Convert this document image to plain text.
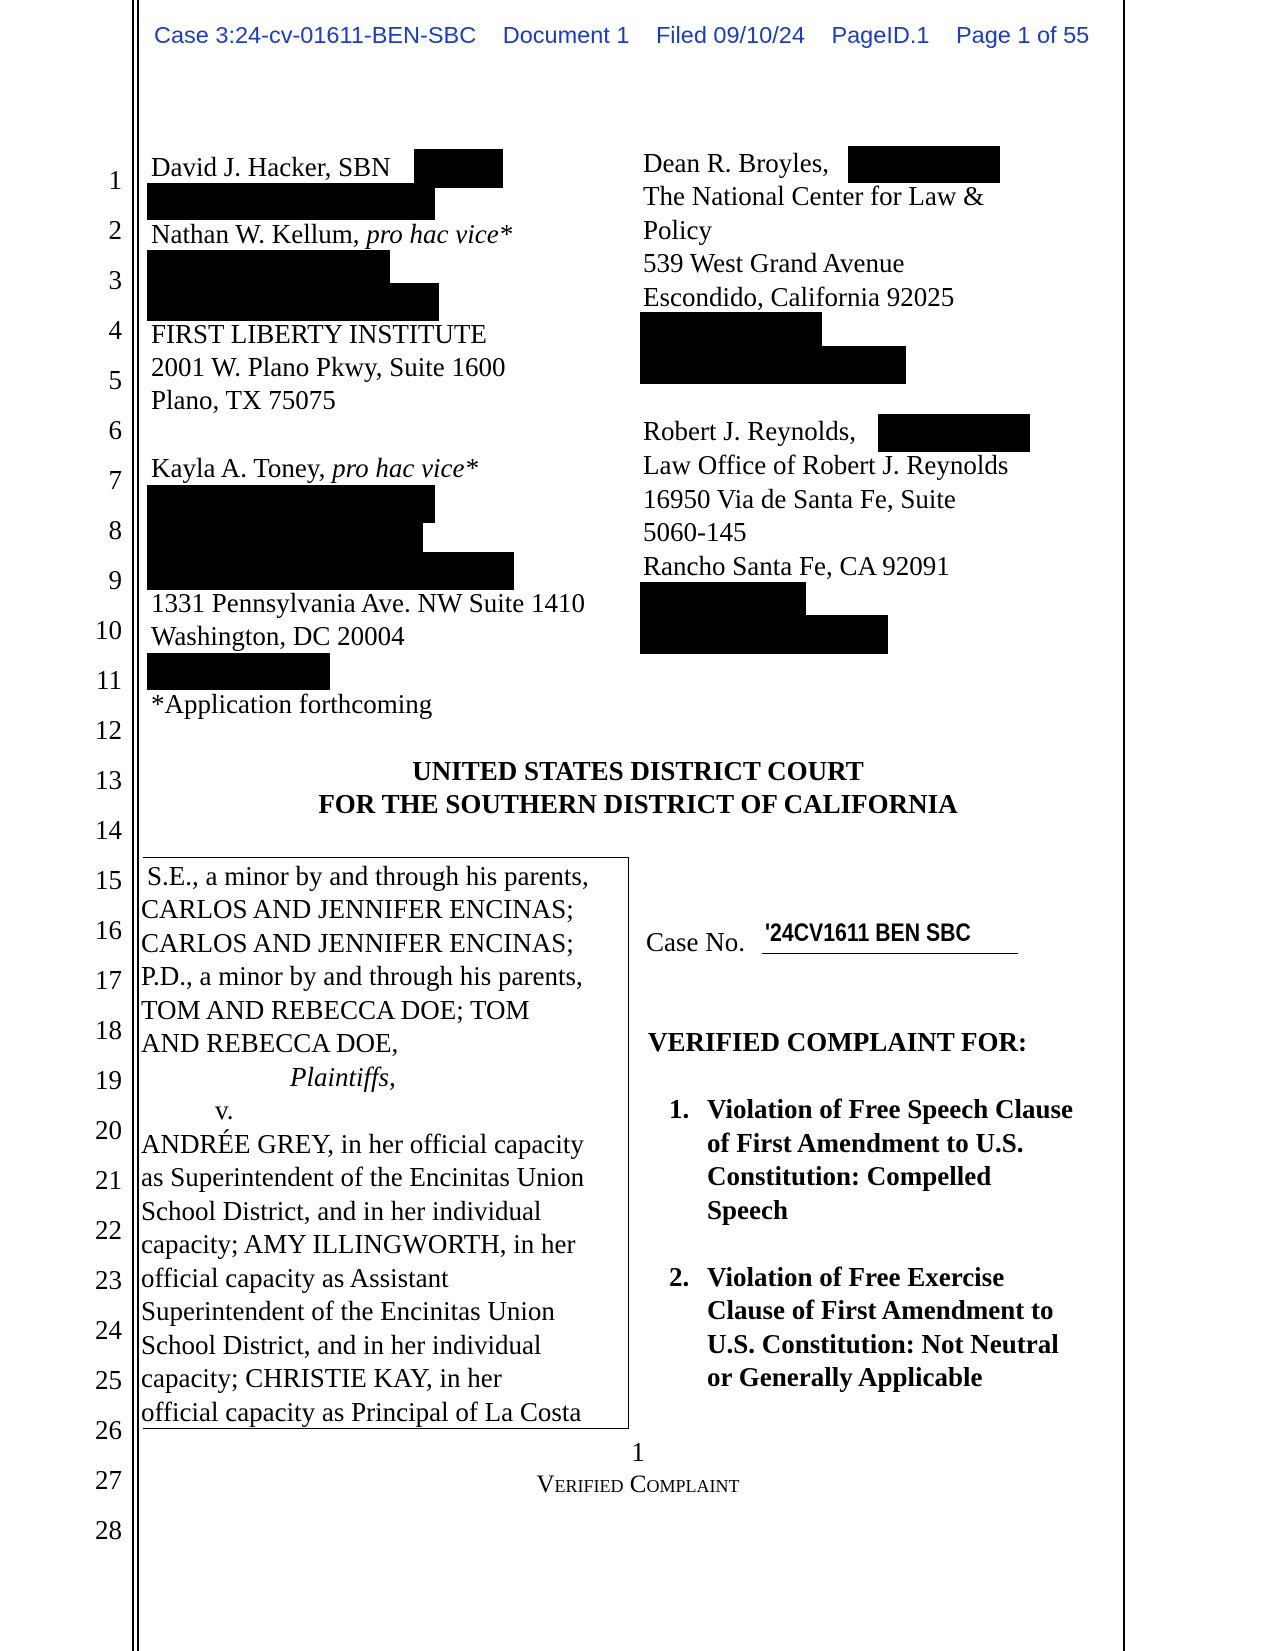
Case 3:24-cv-01611-BEN-SBC Document 1 Filed 09/10/24 PageID.1 Page 1 of 55
1
2
3
4
5
6
7
8
9
10
11
12
13
14
15
16
17
18
19
20
21
22
23
24
25
26
27
28
David J. Hacker, SBN
Nathan W. Kellum, pro hac vice*
FIRST LIBERTY INSTITUTE
2001 W. Plano Pkwy, Suite 1600
Plano, TX 75075
Kayla A. Toney, pro hac vice*
1331 Pennsylvania Ave. NW Suite 1410
Washington, DC 20004
*Application forthcoming
Dean R. Broyles,
The National Center for Law &
Policy
539 West Grand Avenue
Escondido, California 92025
Robert J. Reynolds,
Law Office of Robert J. Reynolds
16950 Via de Santa Fe, Suite
5060-145
Rancho Santa Fe, CA 92091
UNITED STATES DISTRICT COURT
FOR THE SOUTHERN DISTRICT OF CALIFORNIA
S.E., a minor by and through his parents,
CARLOS AND JENNIFER ENCINAS;
CARLOS AND JENNIFER ENCINAS;
P.D., a minor by and through his parents,
TOM AND REBECCA DOE; TOM
AND REBECCA DOE,
Plaintiffs,
v.
ANDRÉE GREY, in her official capacity
as Superintendent of the Encinitas Union
School District, and in her individual
capacity; AMY ILLINGWORTH, in her
official capacity as Assistant
Superintendent of the Encinitas Union
School District, and in her individual
capacity; CHRISTIE KAY, in her
official capacity as Principal of La Costa
Case No. '24CV1611 BEN SBC
VERIFIED COMPLAINT FOR:
1. Violation of Free Speech Clause
of First Amendment to U.S.
Constitution: Compelled
Speech
2. Violation of Free Exercise
Clause of First Amendment to
U.S. Constitution: Not Neutral
or Generally Applicable
1
Verified Complaint
